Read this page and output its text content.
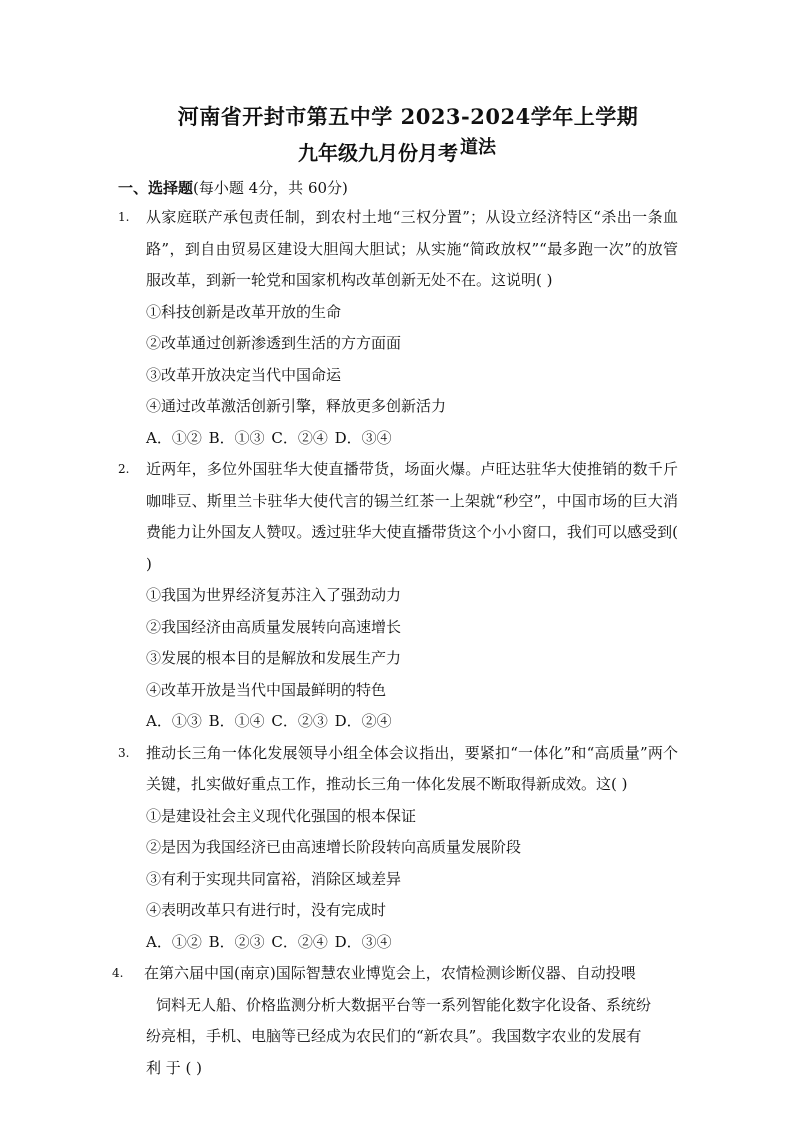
河南省开封市第五中学 2023-2024学年上学期
九年级九月份月考 道法
一、选择题(每小题 4分，共 60分)
1.	从家庭联产承包责任制，到农村土地“三权分置”；从设立经济特区“杀出一条血路”，到自由贸易区建设大胆闯大胆试；从实施“简政放权”“最多跑一次”的放管服改革，到新一轮党和国家机构改革创新无处不在。这说明( )
①科技创新是改革开放的生命
②改革通过创新渗透到生活的方方面面
③改革开放决定当代中国命运
④通过改革激活创新引擎，释放更多创新活力
A．①② B．①③ C．②④ D．③④
2.	近两年，多位外国驻华大使直播带货，场面火爆。卢旺达驻华大使推销的数千斤咖啡豆、斯里兰卡驻华大使代言的锡兰红茶一上架就“秒空”，中国市场的巨大消费能力让外国友人赞叹。透过驻华大使直播带货这个小小窗口，我们可以感受到( )
①我国为世界经济复苏注入了强劲动力
②我国经济由高质量发展转向高速增长
③发展的根本目的是解放和发展生产力
④改革开放是当代中国最鲜明的特色
A．①③ B．①④ C．②③ D．②④
3.	推动长三角一体化发展领导小组全体会议指出，要紧扣“一体化”和“高质量”两个关键，扎实做好重点工作，推动长三角一体化发展不断取得新成效。这( )
①是建设社会主义现代化强国的根本保证
②是因为我国经济已由高速增长阶段转向高质量发展阶段
③有利于实现共同富裕，消除区域差异
④表明改革只有进行时，没有完成时
A．①② B．②③ C．②④ D．③④
4.	在第六届中国(南京)国际智慧农业博览会上，农情检测诊断仪器、自动投喂
饲料无人船、价格监测分析大数据平台等一系列智能化数字化设备、系统纷
纷亮相，手机、电脑等已经成为农民们的“新农具”。我国数字农业的发展有
利 于 ( )
